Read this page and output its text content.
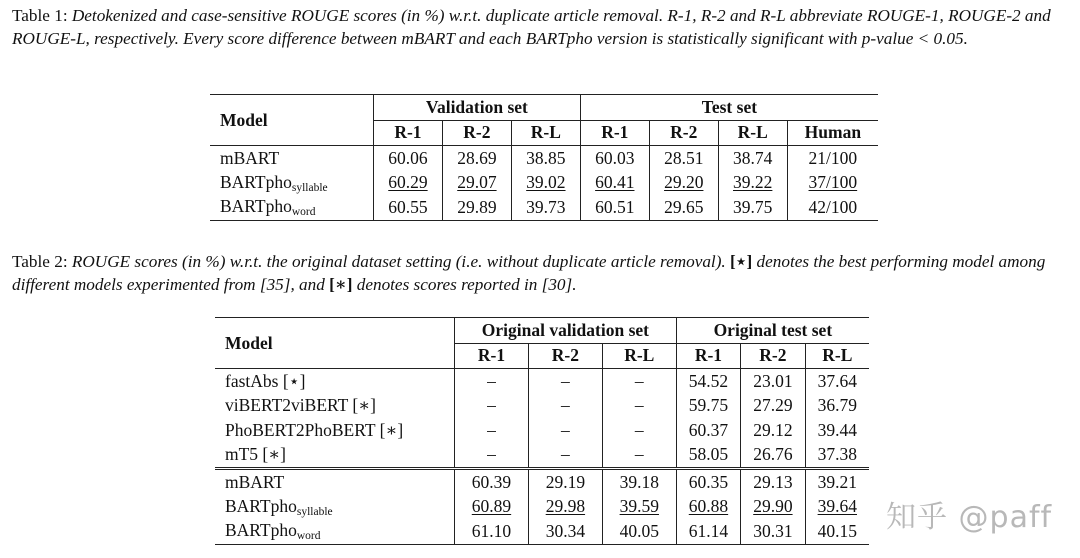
Table 1: Detokenized and case-sensitive ROUGE scores (in %) w.r.t. duplicate article removal. R-1, R-2 and R-L abbreviate ROUGE-1, ROUGE-2 and ROUGE-L, respectively. Every score difference between mBART and each BARTpho version is statistically significant with p-value < 0.05.
Model	Validation set			Test set			
	R-1	R-2	R-L	R-1	R-2	R-L	Human
mBART	60.06	28.69	38.85	60.03	28.51	38.74	21/100
BARTpho$_{syllable}$	60.29	29.07	39.02	60.41	29.20	39.22	37/100
BARTpho$_{word}$	60.55	29.89	39.73	60.51	29.65	39.75	42/100
Table 2: ROUGE scores (in %) w.r.t. the original dataset setting (i.e. without duplicate article removal). [⋆] denotes the best performing model among different models experimented from [35], and [∗] denotes scores reported in [30].
Model	Original validation set			Original test set		
	R-1	R-2	R-L	R-1	R-2	R-L
fastAbs [⋆]	–	–	–	54.52	23.01	37.64
viBERT2viBERT [∗]	–	–	–	59.75	27.29	36.79
PhoBERT2PhoBERT [∗]	–	–	–	60.37	29.12	39.44
mT5 [∗]	–	–	–	58.05	26.76	37.38
mBART	60.39	29.19	39.18	60.35	29.13	39.21
BARTpho$_{syllable}$	60.89	29.98	39.59	60.88	29.90	39.64
BARTpho$_{word}$	61.10	30.34	40.05	61.14	30.31	40.15 知乎 @paff
